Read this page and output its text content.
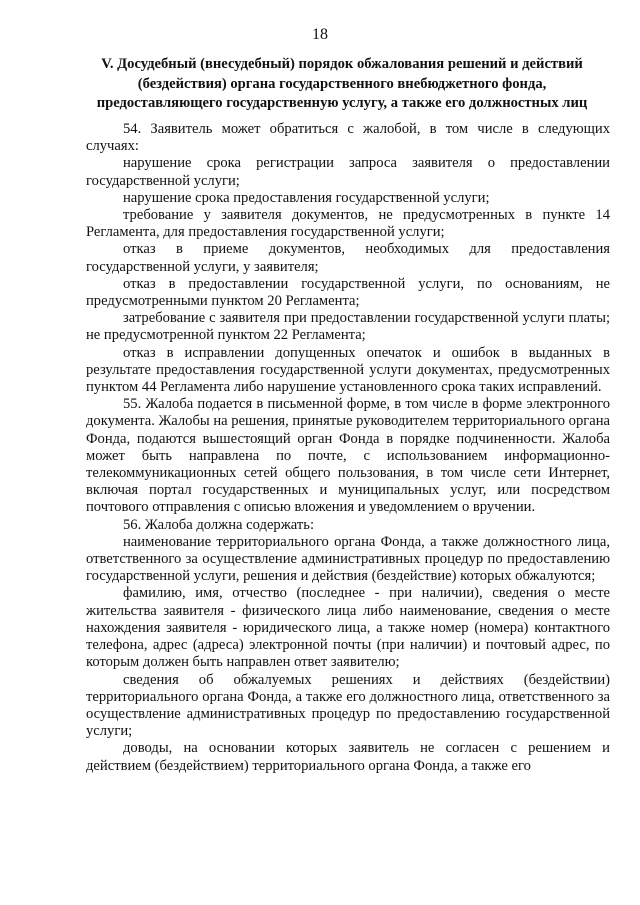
18
V. Досудебный (внесудебный) порядок обжалования решений и действий (бездействия) органа государственного внебюджетного фонда, предоставляющего государственную услугу, а также его должностных лиц

54. Заявитель может обратиться с жалобой, в том числе в следующих случаях:

нарушение срока регистрации запроса заявителя о предоставлении государственной услуги;

нарушение срока предоставления государственной услуги;

требование у заявителя документов, не предусмотренных в пункте 14 Регламента, для предоставления государственной услуги;

отказ в приеме документов, необходимых для предоставления государственной услуги, у заявителя;

отказ в предоставлении государственной услуги, по основаниям, не предусмотренными пунктом 20 Регламента;

затребование с заявителя при предоставлении государственной услуги платы; не предусмотренной пунктом 22 Регламента;

отказ в исправлении допущенных опечаток и ошибок в выданных в результате предоставления государственной услуги документах, предусмотренных пунктом 44 Регламента либо нарушение установленного срока таких исправлений.

55. Жалоба подается в письменной форме, в том числе в форме электронного документа. Жалобы на решения, принятые руководителем территориального органа Фонда, подаются вышестоящий орган Фонда в порядке подчиненности. Жалоба может быть направлена по почте, с использованием информационно-телекоммуникационных сетей общего пользования, в том числе сети Интернет, включая портал государственных и муниципальных услуг, или посредством почтового отправления с описью вложения и уведомлением о вручении.

56. Жалоба должна содержать:

наименование территориального органа Фонда, а также должностного лица, ответственного за осуществление административных процедур по предоставлению государственной услуги, решения и действия (бездействие) которых обжалуются;

фамилию, имя, отчество (последнее - при наличии), сведения о месте жительства заявителя - физического лица либо наименование, сведения о месте нахождения заявителя - юридического лица, а также номер (номера) контактного телефона, адрес (адреса) электронной почты (при наличии) и почтовый адрес, по которым должен быть направлен ответ заявителю;

сведения об обжалуемых решениях и действиях (бездействии) территориального органа Фонда, а также его должностного лица, ответственного за осуществление административных процедур по предоставлению государственной услуги;

доводы, на основании которых заявитель не согласен с решением и действием (бездействием) территориального органа Фонда, а также его
